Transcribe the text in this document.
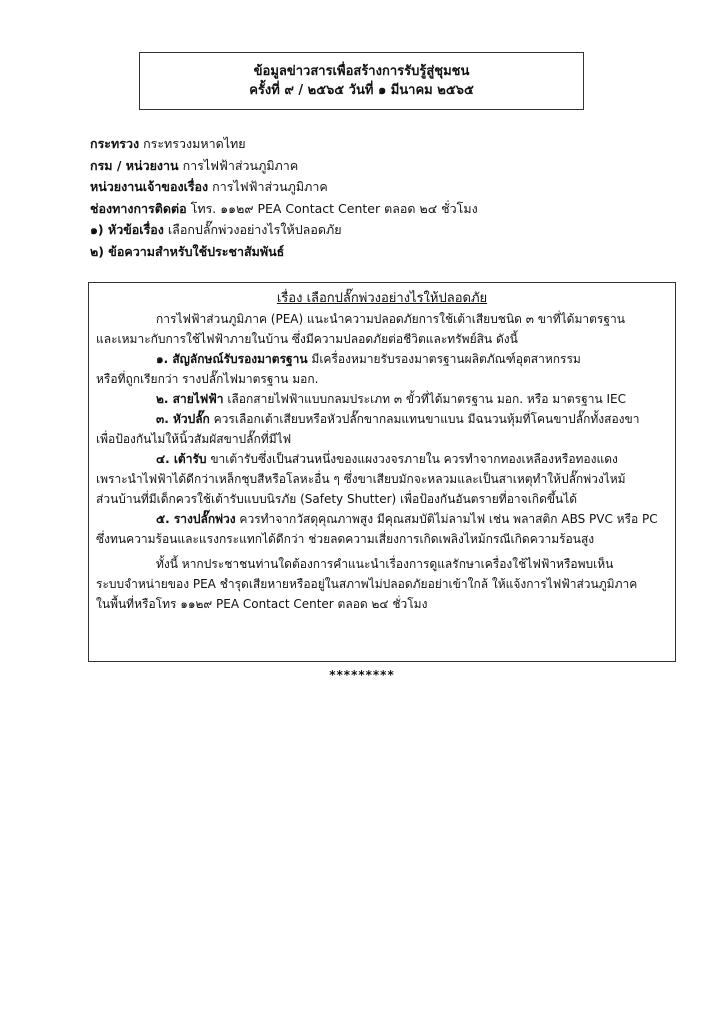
ข้อมูลข่าวสารเพื่อสร้างการรับรู้สู่ชุมชน
ครั้งที่ ๙ / ๒๕๖๕ วันที่ ๑ มีนาคม ๒๕๖๕
กระทรวง กระทรวงมหาดไทย
กรม / หน่วยงาน การไฟฟ้าส่วนภูมิภาค
หน่วยงานเจ้าของเรื่อง การไฟฟ้าส่วนภูมิภาค
ช่องทางการติดต่อ โทร. ๑๑๒๙ PEA Contact Center ตลอด ๒๔ ชั่วโมง
๑) หัวข้อเรื่อง เลือกปลั๊กพ่วงอย่างไรให้ปลอดภัย
๒) ข้อความสำหรับใช้ประชาสัมพันธ์
เรื่อง เลือกปลั๊กพ่วงอย่างไรให้ปลอดภัย

การไฟฟ้าส่วนภูมิภาค (PEA) แนะนำความปลอดภัยการใช้เต้าเสียบชนิด ๓ ขาที่ได้มาตรฐาน
และเหมาะกับการใช้ไฟฟ้าภายในบ้าน ซึ่งมีความปลอดภัยต่อชีวิตและทรัพย์สิน ดังนี้

๑. สัญลักษณ์รับรองมาตรฐาน มีเครื่องหมายรับรองมาตรฐานผลิตภัณฑ์อุตสาหกรรม
หรือที่ถูกเรียกว่า รางปลั๊กไฟมาตรฐาน มอก.

๒. สายไฟฟ้า เลือกสายไฟฟ้าแบบกลมประเภท ๓ ขั้วที่ได้มาตรฐาน มอก. หรือ มาตรฐาน IEC

๓. หัวปลั๊ก ควรเลือกเต้าเสียบหรือหัวปลั๊กขากลมแทนขาแบน มีฉนวนหุ้มที่โคนขาปลั๊กทั้งสองขา
เพื่อป้องกันไม่ให้นิ้วสัมผัสขาปลั๊กที่มีไฟ

๔. เต้ารับ ขาเต้ารับซึ่งเป็นส่วนหนึ่งของแผงวงจรภายใน ควรทำจากทองเหลืองหรือทองแดง
เพราะนำไฟฟ้าได้ดีกว่าเหล็กชุบสีหรือโลหะอื่น ๆ ซึ่งขาเสียบมักจะหลวมและเป็นสาเหตุทำให้ปลั๊กพ่วงไหม้
ส่วนบ้านที่มีเด็กควรใช้เต้ารับแบบนิรภัย (Safety Shutter) เพื่อป้องกันอันตรายที่อาจเกิดขึ้นได้

๕. รางปลั๊กพ่วง ควรทำจากวัสดุคุณภาพสูง มีคุณสมบัติไม่ลามไฟ เช่น พลาสติก ABS PVC หรือ PC
ซึ่งทนความร้อนและแรงกระแทกได้ดีกว่า ช่วยลดความเสี่ยงการเกิดเพลิงไหม้กรณีเกิดความร้อนสูง

ทั้งนี้ หากประชาชนท่านใดต้องการคำแนะนำเรื่องการดูแลรักษาเครื่องใช้ไฟฟ้าหรือพบเห็น
ระบบจำหน่ายของ PEA ชำรุดเสียหายหรืออยู่ในสภาพไม่ปลอดภัยอย่าเข้าใกล้ ให้แจ้งการไฟฟ้าส่วนภูมิภาค
ในพื้นที่หรือโทร ๑๑๒๙ PEA Contact Center ตลอด ๒๔ ชั่วโมง

*********
